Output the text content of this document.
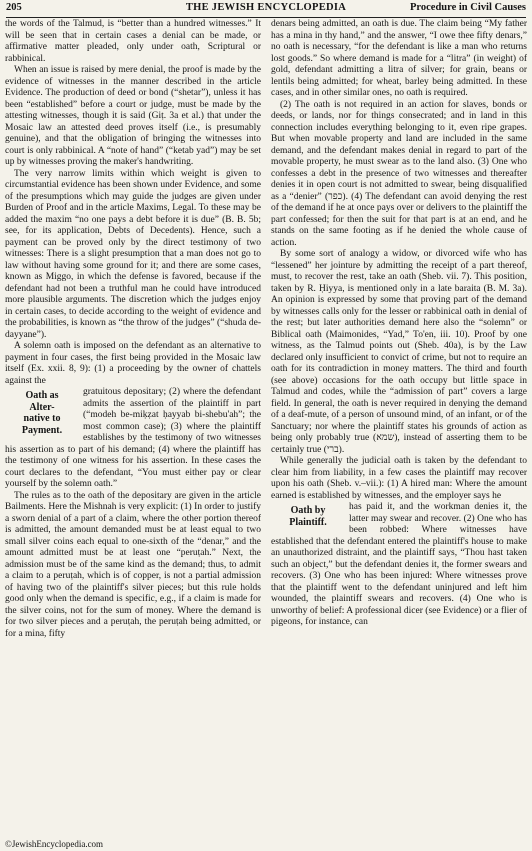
205	THE JEWISH ENCYCLOPEDIA	Procedure in Civil Causes

the words of the Talmud, is “better than a hundred witnesses.” It will be seen that in certain cases a denial can be made, or affirmative matter pleaded, only under oath, Scriptural or rabbinical.

When an issue is raised by mere denial, the proof is made by the evidence of witnesses in the manner described in the article Evidence. The production of deed or bond (“shetar”), unless it has been “established” before a court or judge, must be made by the attesting witnesses, though it is said (Giṭ. 3a et al.) that under the Mosaic law an attested deed proves itself (i.e., is presumably genuine), and that the obligation of bringing the witnesses into court is only rabbinical. A “note of hand” (“ketab yad”) may be set up by witnesses proving the maker's handwriting.

The very narrow limits within which weight is given to circumstantial evidence has been shown under Evidence, and some of the presumptions which may guide the judges are given under Burden of Proof and in the article Maxims, Legal. To these may be added the maxim “no one pays a debt before it is due” (B. B. 5b; see, for its application, Debts of Decedents). Hence, such a payment can be proved only by the direct testimony of two witnesses: There is a slight presumption that a man does not go to law without having some ground for it; and there are some cases, known as Miggo, in which the defense is favored, because if the defendant had not been a truthful man he could have introduced more plausible arguments. The discretion which the judges enjoy in certain cases, to decide according to the weight of evidence and the probabilities, is known as “the throw of the judges” (“shuda de-dayyane”).

A solemn oath is imposed on the defendant as an alternative to payment in four cases, the first being provided in the Mosaic law itself (Ex. xxii. 8, 9): (1) a proceeding by the owner of chattels against the

Oath as
Alter-
native to
Payment.

gratuitous depositary; (2) where the defendant admits the assertion of the plaintiff in part (“modeh be-miḳẓat ḥayyab bi-shebu'ah”; the most common case); (3) where the plaintiff establishes by the testimony of two witnesses his assertion as to part of his demand; (4) where the plaintiff has the testimony of one witness for his assertion. In these cases the court declares to the defendant, “You must either pay or clear yourself by the solemn oath.”

The rules as to the oath of the depositary are given in the article Bailments. Here the Mishnah is very explicit: (1) In order to justify a sworn denial of a part of a claim, where the other portion thereof is admitted, the amount demanded must be at least equal to two small silver coins each equal to one-sixth of the “denar,” and the amount admitted must be at least one “peruṭah.” Next, the admission must be of the same kind as the demand; thus, to admit a claim to a peruṭah, which is of copper, is not a partial admission of having two of the plaintiff's silver pieces; but this rule holds good only when the demand is specific, e.g., if a claim is made for the silver coins, not for the sum of money. Where the demand is for two silver pieces and a peruṭah, the peruṭah being admitted, or for a mina, fifty

denars being admitted, an oath is due. The claim being “My father has a mina in thy hand,” and the answer, “I owe thee fifty denars,” no oath is necessary, “for the defendant is like a man who returns lost goods.” So where demand is made for a “litra” (in weight) of gold, defendant admitting a litra of silver; for grain, beans or lentils being admitted; for wheat, barley being admitted. In these cases, and in other similar ones, no oath is required.

(2) The oath is not required in an action for slaves, bonds or deeds, or lands, nor for things consecrated; and in land in this connection includes everything belonging to it, even ripe grapes. But when movable property and land are included in the same demand, and the defendant makes denial in regard to part of the movable property, he must swear as to the land also. (3) One who confesses a debt in the presence of two witnesses and thereafter denies it in open court is not admitted to swear, being disqualified as a “denier” (כפר). (4) The defendant can avoid denying the rest of the demand if he at once pays over or delivers to the plaintiff the part confessed; for then the suit for that part is at an end, and he stands on the same footing as if he denied the whole cause of action.

By some sort of analogy a widow, or divorced wife who has “lessened” her jointure by admitting the receipt of a part thereof, must, to recover the rest, take an oath (Sheb. vii. 7). This position, taken by R. Ḥiyya, is mentioned only in a late baraita (B. M. 3a). An opinion is expressed by some that proving part of the demand by witnesses calls only for the lesser or rabbinical oath in denial of the rest; but later authorities demand here also the “solemn” or Biblical oath (Maimonides, “Yad,” To'en, iii. 10). Proof by one witness, as the Talmud points out (Sheb. 40a), is by the Law declared only insufficient to convict of crime, but not to require an oath for its contradiction in money matters. The third and fourth (see above) occasions for the oath occupy but little space in Talmud and codes, while the “admission of part” covers a large field. In general, the oath is never required in denying the demand of a deaf-mute, of a person of unsound mind, of an infant, or of the Sanctuary; nor where the plaintiff states his grounds of action as being only probably true (שמא), instead of asserting them to be certainly true (ברי).

While generally the judicial oath is taken by the defendant to clear him from liability, in a few cases the plaintiff may recover upon his oath (Sheb. v.–vii.): (1) A hired man: Where the amount earned is established by witnesses, and the employer says he

Oath by
Plaintiff.

has paid it, and the workman denies it, the latter may swear and recover. (2) One who has been robbed: Where witnesses have established that the defendant entered the plaintiff's house to make an unauthorized distraint, and the plaintiff says, “Thou hast taken such an object,” but the defendant denies it, the former swears and recovers. (3) One who has been injured: Where witnesses prove that the plaintiff went to the defendant uninjured and left him wounded, the plaintiff swears and recovers. (4) One who is unworthy of belief: A professional dicer (see Evidence) or a flier of pigeons, for instance, can

©JewishEncyclopedia.com
